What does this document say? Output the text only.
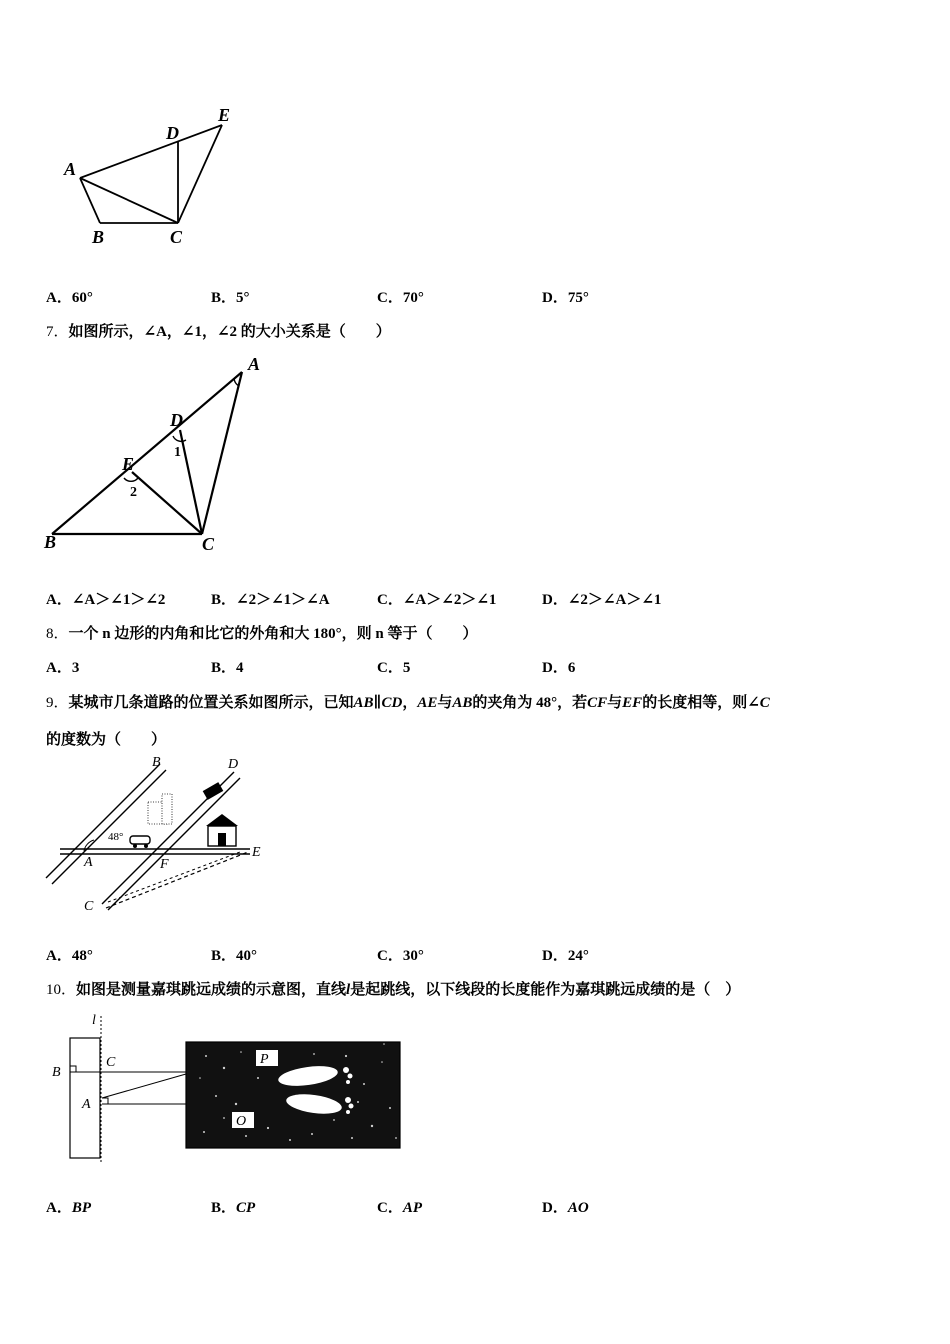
A
B	C
D
E
A．60°	B．5°	C．70°	D．75°
7．如图所示，∠A，∠1，∠2 的大小关系是（　　）
A
B	C
D
E
1
2
A．∠A＞∠1＞∠2	B．∠2＞∠1＞∠A	C．∠A＞∠2＞∠1	D．∠2＞∠A＞∠1
8．一个 n 边形的内角和比它的外角和大 180°，则 n 等于（　　）
A．3	B．4	C．5	D．6
9．某城市几条道路的位置关系如图所示，已知AB∥CD，AE与AB的夹角为 48°，若CF与EF的长度相等，则∠C
的度数为（　　）
B	D
A	F
E
C
48°
A．48°	B．40°	C．30°	D．24°
10．如图是测量嘉琪跳远成绩的示意图，直线l是起跳线，以下线段的长度能作为嘉琪跳远成绩的是（　）
P
O
l
B
C
A
A．BP	B．CP	C．AP	D．AO
